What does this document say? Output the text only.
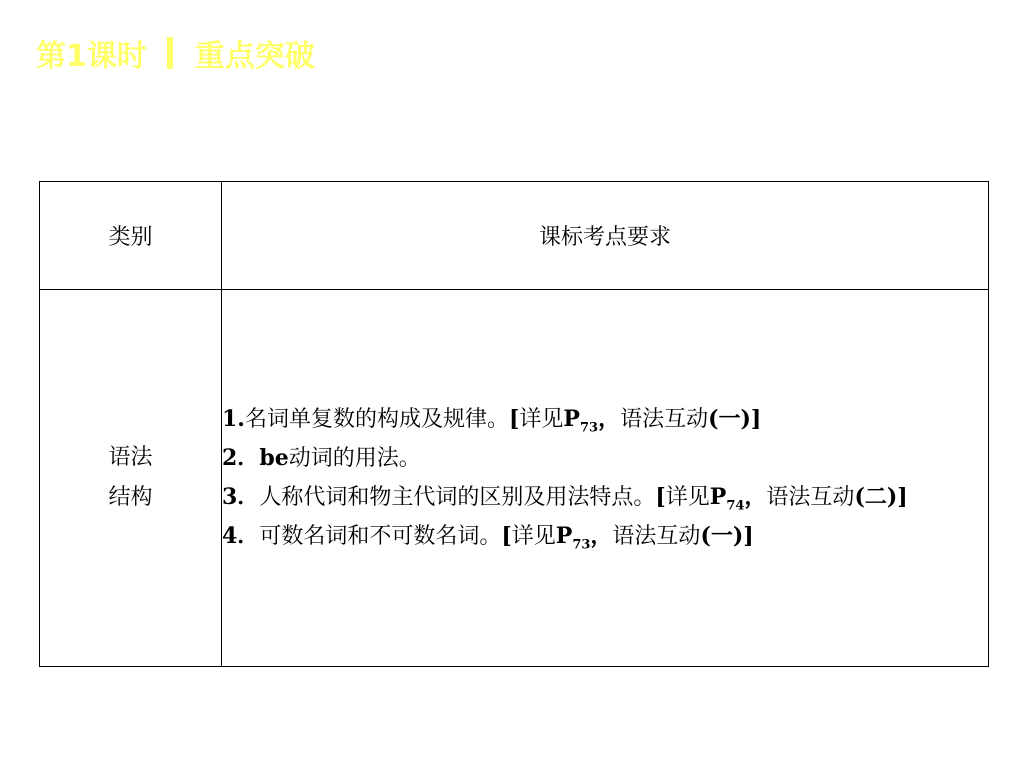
第1课时 重点突破
类别	课标考点要求

语法
结构	1.名词单复数的构成及规律。[详见$P_{73}$，语法互动(一)]
2．be动词的用法。
3．人称代词和物主代词的区别及用法特点。[详见$P_{74}$，语法互动(二)]
4．可数名词和不可数名词。[详见$P_{73}$，语法互动(一)]
